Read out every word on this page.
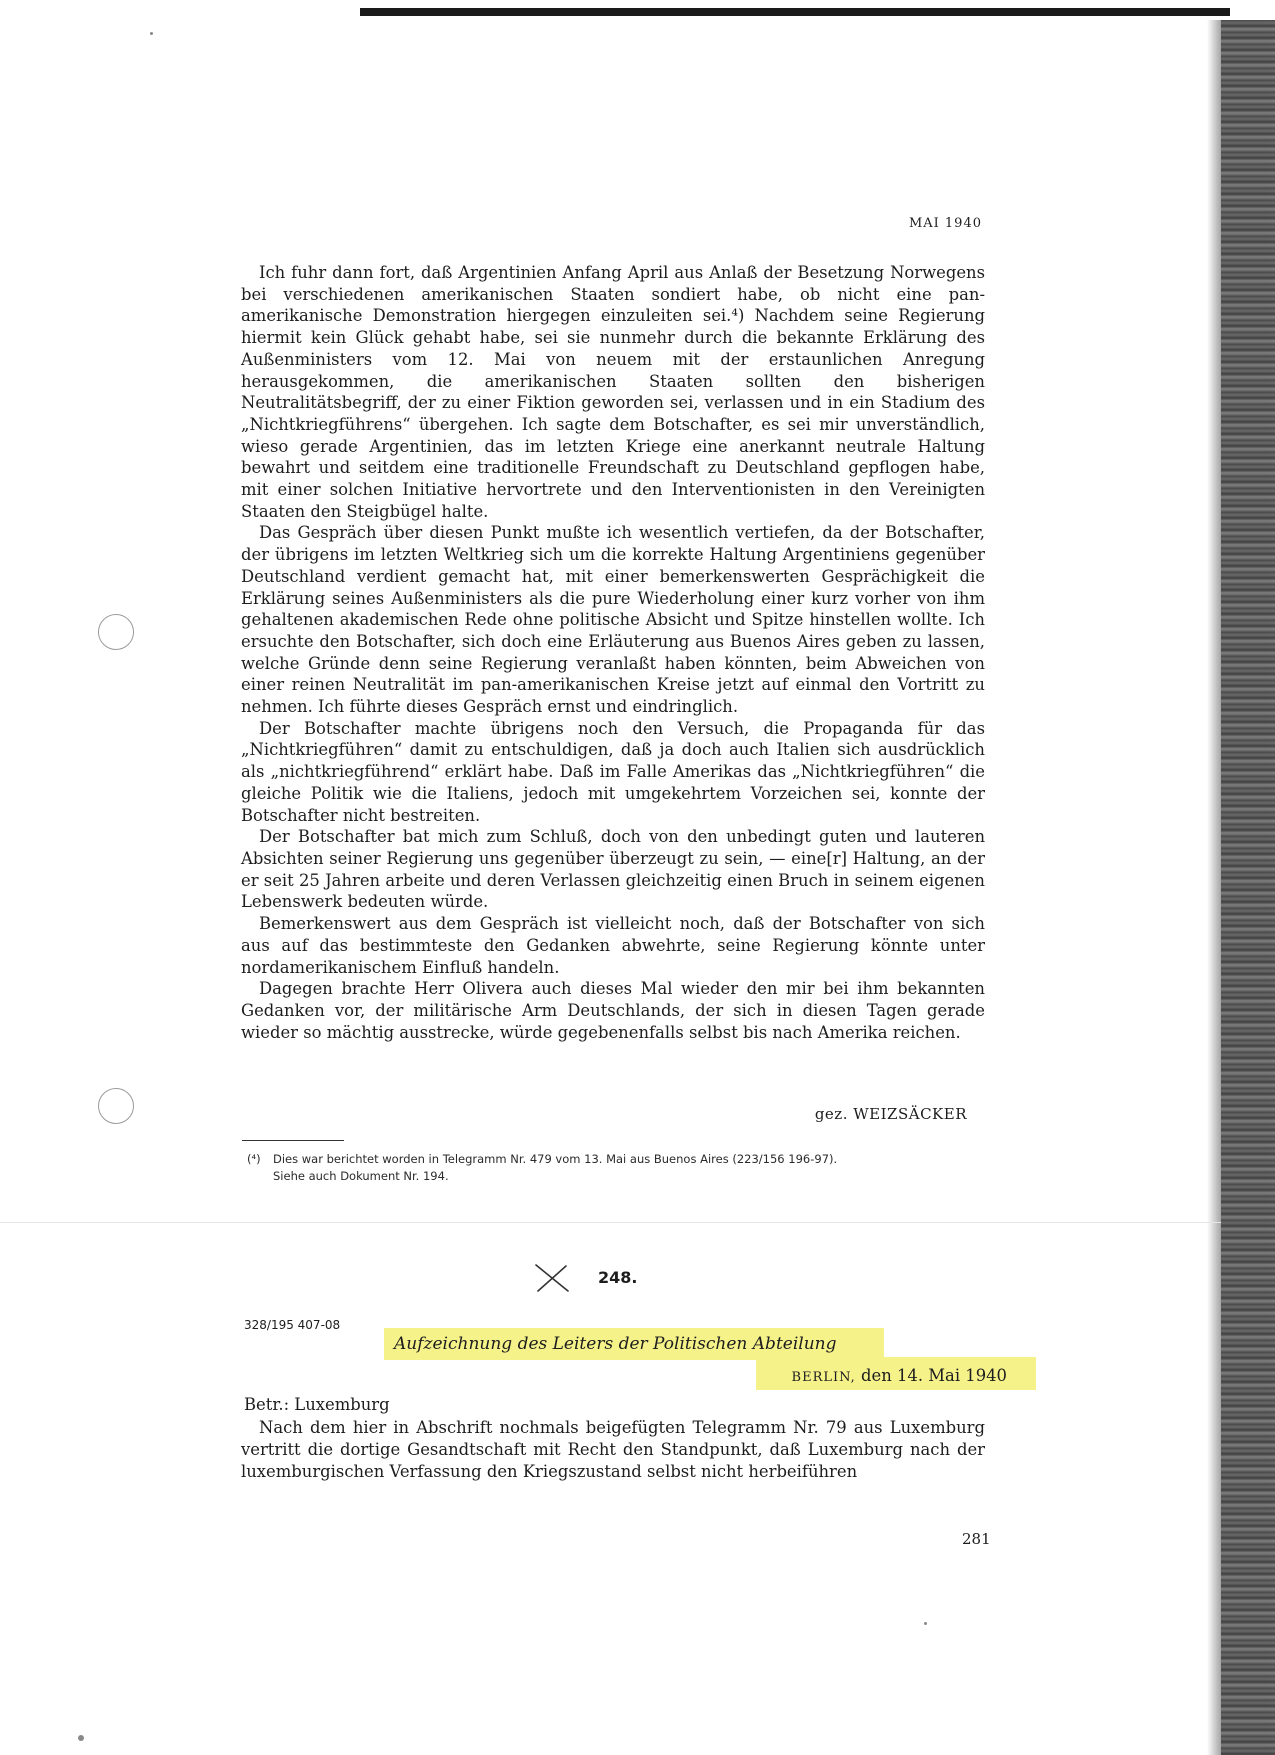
MAI 1940

Ich fuhr dann fort, daß Argentinien Anfang April aus Anlaß der Besetzung Norwegens bei verschiedenen amerikanischen Staaten sondiert habe, ob nicht eine pan-amerikanische Demonstration hiergegen einzuleiten sei.⁴) Nachdem seine Regierung hiermit kein Glück gehabt habe, sei sie nunmehr durch die bekannte Erklärung des Außenministers vom 12. Mai von neuem mit der erstaunlichen Anregung herausgekommen, die amerikanischen Staaten sollten den bisherigen Neutralitätsbegriff, der zu einer Fiktion geworden sei, verlassen und in ein Stadium des „Nichtkriegführens“ übergehen. Ich sagte dem Botschafter, es sei mir unverständlich, wieso gerade Argentinien, das im letzten Kriege eine anerkannt neutrale Haltung bewahrt und seitdem eine traditionelle Freundschaft zu Deutschland gepflogen habe, mit einer solchen Initiative hervortrete und den Interventionisten in den Vereinigten Staaten den Steigbügel halte.

Das Gespräch über diesen Punkt mußte ich wesentlich vertiefen, da der Botschafter, der übrigens im letzten Weltkrieg sich um die korrekte Haltung Argentiniens gegenüber Deutschland verdient gemacht hat, mit einer bemerkenswerten Gesprächigkeit die Erklärung seines Außenministers als die pure Wiederholung einer kurz vorher von ihm gehaltenen akademischen Rede ohne politische Absicht und Spitze hinstellen wollte. Ich ersuchte den Botschafter, sich doch eine Erläuterung aus Buenos Aires geben zu lassen, welche Gründe denn seine Regierung veranlaßt haben könnten, beim Abweichen von einer reinen Neutralität im pan-amerikanischen Kreise jetzt auf einmal den Vortritt zu nehmen. Ich führte dieses Gespräch ernst und eindringlich.

Der Botschafter machte übrigens noch den Versuch, die Propaganda für das „Nichtkriegführen“ damit zu entschuldigen, daß ja doch auch Italien sich ausdrücklich als „nichtkriegführend“ erklärt habe. Daß im Falle Amerikas das „Nichtkriegführen“ die gleiche Politik wie die Italiens, jedoch mit umgekehrtem Vorzeichen sei, konnte der Botschafter nicht bestreiten.

Der Botschafter bat mich zum Schluß, doch von den unbedingt guten und lauteren Absichten seiner Regierung uns gegenüber überzeugt zu sein, — eine[r] Haltung, an der er seit 25 Jahren arbeite und deren Verlassen gleichzeitig einen Bruch in seinem eigenen Lebenswerk bedeuten würde.

Bemerkenswert aus dem Gespräch ist vielleicht noch, daß der Botschafter von sich aus auf das bestimmteste den Gedanken abwehrte, seine Regierung könnte unter nordamerikanischem Einfluß handeln.

Dagegen brachte Herr Olivera auch dieses Mal wieder den mir bei ihm bekannten Gedanken vor, der militärische Arm Deutschlands, der sich in diesen Tagen gerade wieder so mächtig ausstrecke, würde gegebenenfalls selbst bis nach Amerika reichen.

gez. WEIZSÄCKER
(⁴) Dies war berichtet worden in Telegramm Nr. 479 vom 13. Mai aus Buenos Aires (223/156 196-97).
Siehe auch Dokument Nr. 194.
248.
328/195 407-08
Aufzeichnung des Leiters der Politischen Abteilung
BERLIN, den 14. Mai 1940
Betr.: Luxemburg

Nach dem hier in Abschrift nochmals beigefügten Telegramm Nr. 79 aus Luxemburg vertritt die dortige Gesandtschaft mit Recht den Standpunkt, daß Luxemburg nach der luxemburgischen Verfassung den Kriegszustand selbst nicht herbeiführen

281
